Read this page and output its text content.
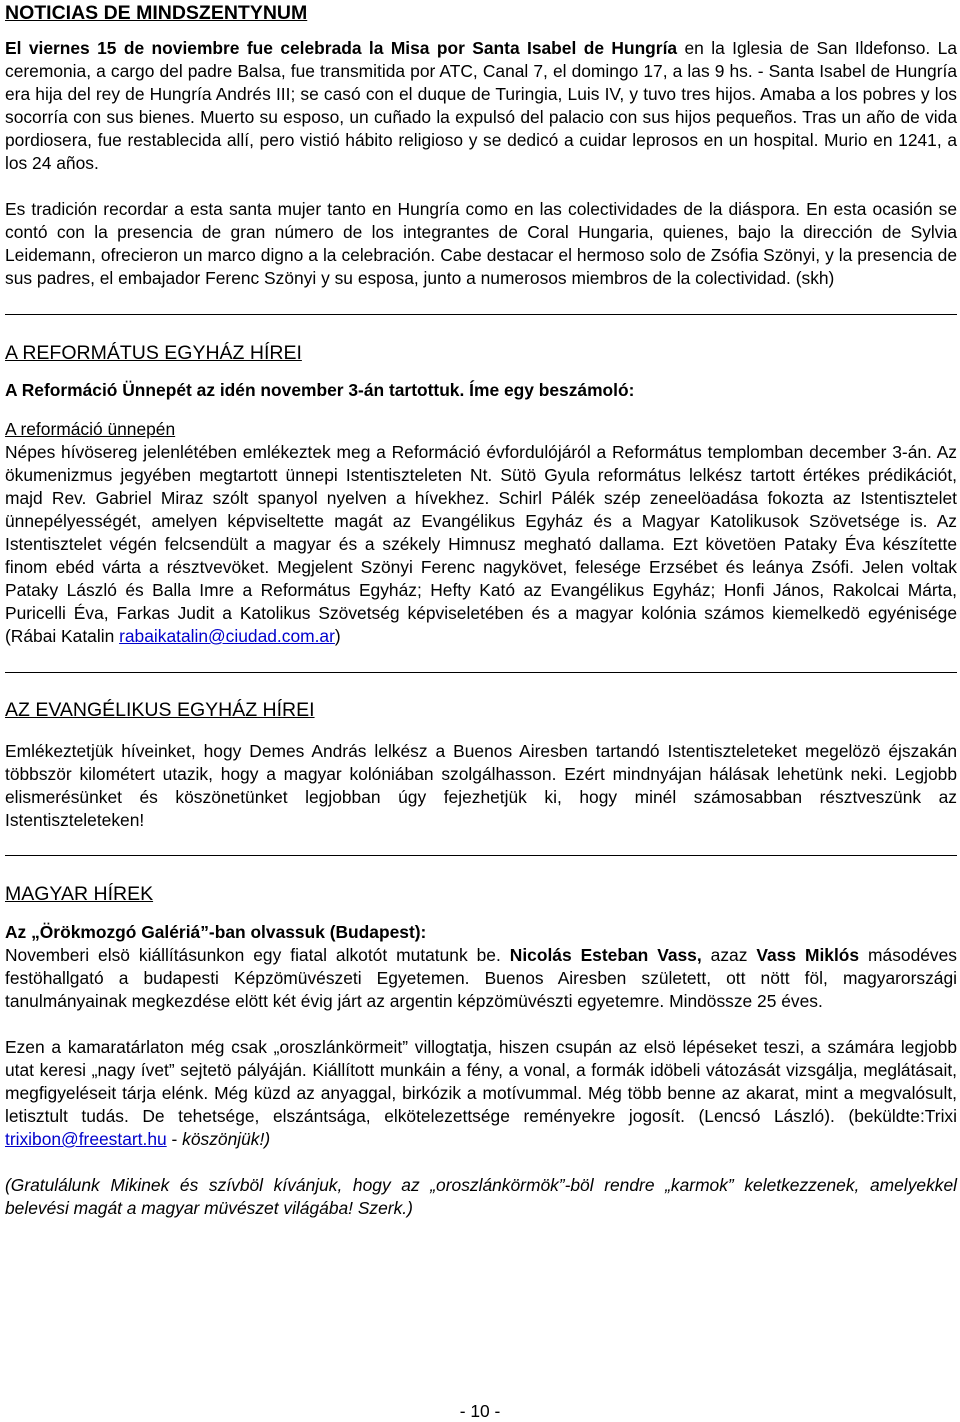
NOTICIAS DE MINDSZENTYNUM

El viernes 15 de noviembre fue celebrada la Misa por Santa Isabel de Hungría en la Iglesia de San Ildefonso. La ceremonia, a cargo del padre Balsa, fue transmitida por ATC, Canal 7, el domingo 17, a las 9 hs. - Santa Isabel de Hungría era hija del rey de Hungría Andrés III; se casó con el duque de Turingia, Luis IV, y tuvo tres hijos. Amaba a los pobres y los socorría con sus bienes. Muerto su esposo, un cuñado la expulsó del palacio con sus hijos pequeños. Tras un año de vida pordiosera, fue restablecida allí, pero vistió hábito religioso y se dedicó a cuidar leprosos en un hospital. Murio en 1241, a los 24 años.

Es tradición recordar a esta santa mujer tanto en Hungría como en las colectividades de la diáspora. En esta ocasión se contó con la presencia de gran número de los integrantes de Coral Hungaria, quienes, bajo la dirección de Sylvia Leidemann, ofrecieron un marco digno a la celebración. Cabe destacar el hermoso solo de Zsófia Szönyi, y la presencia de sus padres, el embajador Ferenc Szönyi y su esposa, junto a numerosos miembros de la colectividad. (skh)

A REFORMÁTUS EGYHÁZ HÍREI

A Reformáció Ünnepét az idén november 3-án tartottuk. Íme egy beszámoló:

A reformáció ünnepén

Népes hívösereg jelenlétében emlékeztek meg a Reformáció évfordulójáról a Református templomban december 3-án. Az ökumenizmus jegyében megtartott ünnepi Istentiszteleten Nt. Sütö Gyula református lelkész tartott értékes prédikációt, majd Rev. Gabriel Miraz szólt spanyol nyelven a hívekhez. Schirl Pálék szép zeneelöadása fokozta az Istentisztelet ünnepélyességét, amelyen képviseltette magát az Evangélikus Egyház és a Magyar Katolikusok Szövetsége is. Az Istentisztelet végén felcsendült a magyar és a székely Himnusz megható dallama. Ezt követöen Pataky Éva készítette finom ebéd várta a résztvevöket. Megjelent Szönyi Ferenc nagykövet, felesége Erzsébet és leánya Zsófi. Jelen voltak Pataky László és Balla Imre a Református Egyház; Hefty Kató az Evangélikus Egyház; Honfi János, Rakolcai Márta, Puricelli Éva, Farkas Judit a Katolikus Szövetség képviseletében és a magyar kolónia számos kiemelkedö egyénisége (Rábai Katalin rabaikatalin@ciudad.com.ar)

AZ EVANGÉLIKUS EGYHÁZ HÍREI

Emlékeztetjük híveinket, hogy Demes András lelkész a Buenos Airesben tartandó Istentiszteleteket megelözö éjszakán többször kilométert utazik, hogy a magyar kolóniában szolgálhasson. Ezért mindnyájan hálásak lehetünk neki. Legjobb elismerésünket és köszönetünket legjobban úgy fejezhetjük ki, hogy minél számosabban résztveszünk az Istentiszteleteken!

MAGYAR HÍREK

Az „Örökmozgó Galériá”-ban olvassuk (Budapest):

Novemberi elsö kiállításunkon egy fiatal alkotót mutatunk be. Nicolás Esteban Vass, azaz Vass Miklós másodéves festöhallgató a budapesti Képzömüvészeti Egyetemen. Buenos Airesben született, ott nött föl, magyarországi tanulmányainak megkezdése elött két évig járt az argentin képzömüvészti egyetemre. Mindössze 25 éves.

Ezen a kamaratárlaton még csak „oroszlánkörmeit” villogtatja, hiszen csupán az elsö lépéseket teszi, a számára legjobb utat keresi „nagy ívet” sejtetö pályáján. Kiállított munkáin a fény, a vonal, a formák idöbeli vátozását vizsgálja, meglátásait, megfigyeléseit tárja elénk. Még küzd az anyaggal, birkózik a motívummal. Még több benne az akarat, mint a megvalósult, letisztult tudás. De tehetsége, elszántsága, elkötelezettsége reményekre jogosít. (Lencsó László). (beküldte:Trixi trixibon@freestart.hu - köszönjük!)

(Gratulálunk Mikinek és szívböl kívánjuk, hogy az „oroszlánkörmök”-böl rendre „karmok” keletkezzenek, amelyekkel belevési magát a magyar müvészet világába! Szerk.)

- 10 -
